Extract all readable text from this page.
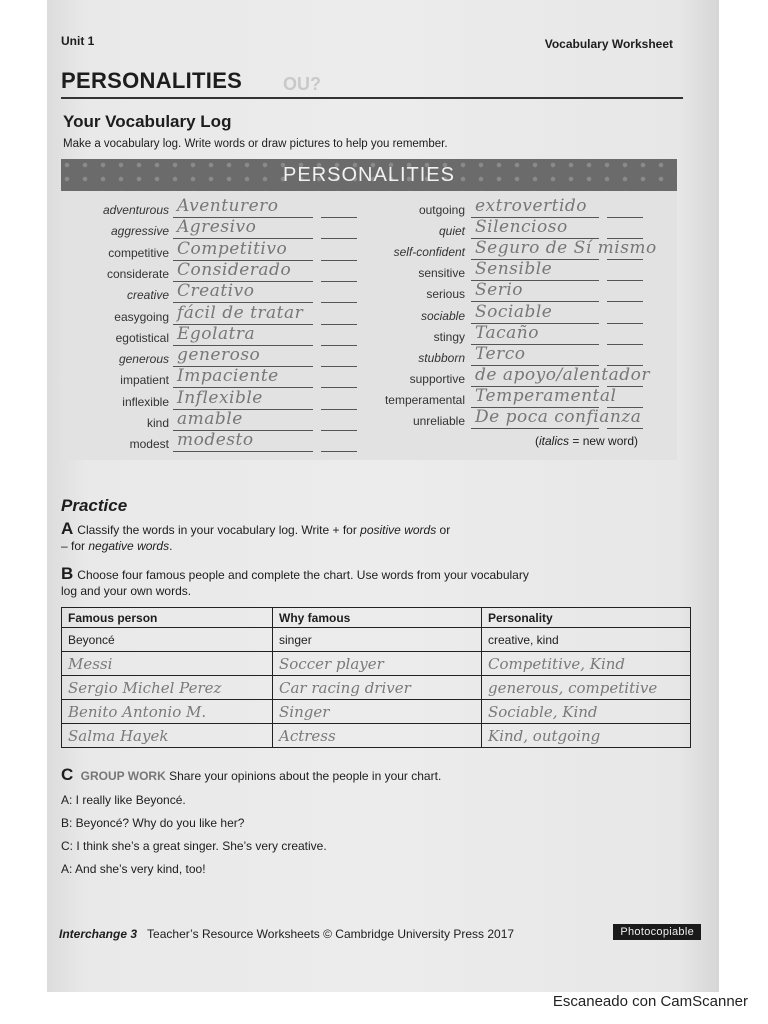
Unit 1	Vocabulary Worksheet
OU?
PERSONALITIES
Your Vocabulary Log
Make a vocabulary log. Write words or draw pictures to help you remember.
PERSONALITIES
adventurous Aventurero
aggressive Agresivo
competitive Competitivo
considerate Considerado
creative Creativo
easygoing fácil de tratar
egotistical Egolatra
generous generoso
impatient Impaciente
inflexible Inflexible
kind amable
modest modesto
outgoing extrovertido
quiet Silencioso
self-confident Seguro de Sí mismo
sensitive Sensible
serious Serio
sociable Sociable
stingy Tacaño
stubborn Terco
supportive de apoyo/alentador
temperamental Temperamental
unreliable De poca confianza
(italics = new word)
Practice
A Classify the words in your vocabulary log. Write + for positive words or
– for negative words.
B Choose four famous people and complete the chart. Use words from your vocabulary log and your own words.
Famous person	Why famous	Personality
Beyoncé	singer	creative, kind
Messi	Soccer player	Competitive, Kind
Sergio Michel Perez	Car racing driver	generous, competitive
Benito Antonio M.	Singer	Sociable, Kind
Salma Hayek	Actress	Kind, outgoing
C GROUP WORK Share your opinions about the people in your chart.
A: I really like Beyoncé.
B: Beyoncé? Why do you like her?
C: I think she’s a great singer. She’s very creative.
A: And she’s very kind, too!
Interchange 3 Teacher’s Resource Worksheets © Cambridge University Press 2017	Photocopiable
Escaneado con CamScanner
